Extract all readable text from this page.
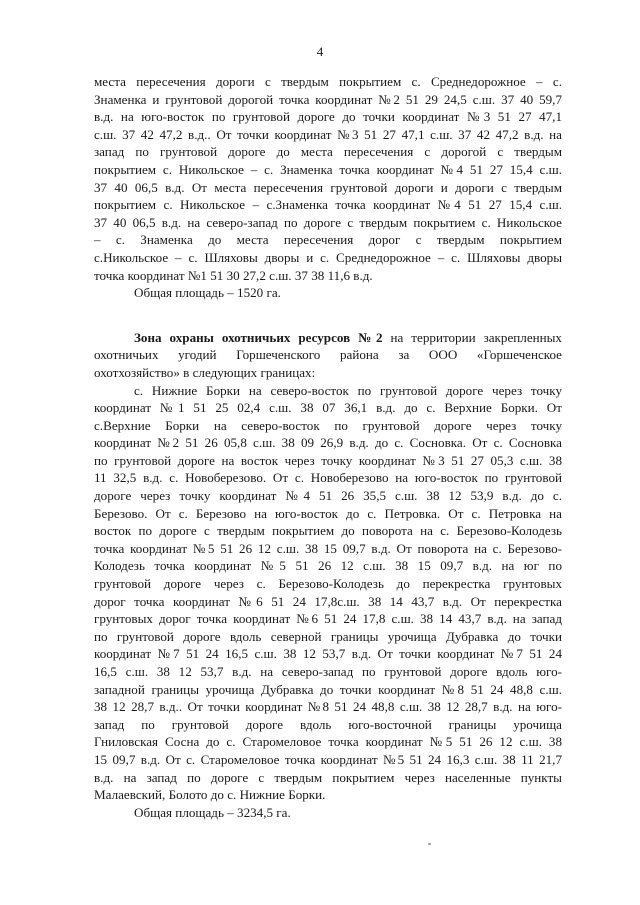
4
места пересечения дороги с твердым покрытием с. Среднедорожное – с.
Знаменка и грунтовой дорогой точка координат №2 51 29 24,5 с.ш. 37 40 59,7
в.д. на юго-восток по грунтовой дороге до точки координат №3 51 27 47,1
с.ш. 37 42 47,2 в.д.. От точки координат №3 51 27 47,1 с.ш. 37 42 47,2 в.д. на
запад по грунтовой дороге до места пересечения с дорогой с твердым
покрытием с. Никольское – с. Знаменка точка координат №4 51 27 15,4 с.ш.
37 40 06,5 в.д. От места пересечения грунтовой дороги и дороги с твердым
покрытием с. Никольское – с.Знаменка точка координат №4 51 27 15,4 с.ш.
37 40 06,5 в.д. на северо-запад по дороге с твердым покрытием с. Никольское
– с. Знаменка до места пересечения дорог с твердым покрытием
с.Никольское – с. Шляховы дворы и с. Среднедорожное – с. Шляховы дворы
точка координат №1 51 30 27,2 с.ш. 37 38 11,6 в.д.
Общая площадь – 1520 га.
Зона охраны охотничьих ресурсов №2 на территории закрепленных
охотничьих угодий Горшеченского района за ООО «Горшеченское
охотхозяйство» в следующих границах:
с. Нижние Борки на северо-восток по грунтовой дороге через точку
координат №1 51 25 02,4 с.ш. 38 07 36,1 в.д. до с. Верхние Борки. От
с.Верхние Борки на северо-восток по грунтовой дороге через точку
координат №2 51 26 05,8 с.ш. 38 09 26,9 в.д. до с. Сосновка. От с. Сосновка
по грунтовой дороге на восток через точку координат №3 51 27 05,3 с.ш. 38
11 32,5 в.д. с. Новоберезово. От с. Новоберезово на юго-восток по грунтовой
дороге через точку координат №4 51 26 35,5 с.ш. 38 12 53,9 в.д. до с.
Березово. От с. Березово на юго-восток до с. Петровка. От с. Петровка на
восток по дороге с твердым покрытием до поворота на с. Березово-Колодезь
точка координат №5 51 26 12 с.ш. 38 15 09,7 в.д. От поворота на с. Березово-
Колодезь точка координат №5 51 26 12 с.ш. 38 15 09,7 в.д. на юг по
грунтовой дороге через с. Березово-Колодезь до перекрестка грунтовых
дорог точка координат №6 51 24 17,8с.ш. 38 14 43,7 в.д. От перекрестка
грунтовых дорог точка координат №6 51 24 17,8 с.ш. 38 14 43,7 в.д. на запад
по грунтовой дороге вдоль северной границы урочища Дубравка до точки
координат №7 51 24 16,5 с.ш. 38 12 53,7 в.д. От точки координат №7 51 24
16,5 с.ш. 38 12 53,7 в.д. на северо-запад по грунтовой дороге вдоль юго-
западной границы урочища Дубравка до точки координат №8 51 24 48,8 с.ш.
38 12 28,7 в.д.. От точки координат №8 51 24 48,8 с.ш. 38 12 28,7 в.д. на юго-
запад по грунтовой дороге вдоль юго-восточной границы урочища
Гниловская Сосна до с. Старомеловое точка координат №5 51 26 12 с.ш. 38
15 09,7 в.д. От с. Старомеловое точка координат №5 51 24 16,3 с.ш. 38 11 21,7
в.д. на запад по дороге с твердым покрытием через населенные пункты
Малаевский, Болото до с. Нижние Борки.
Общая площадь – 3234,5 га.
